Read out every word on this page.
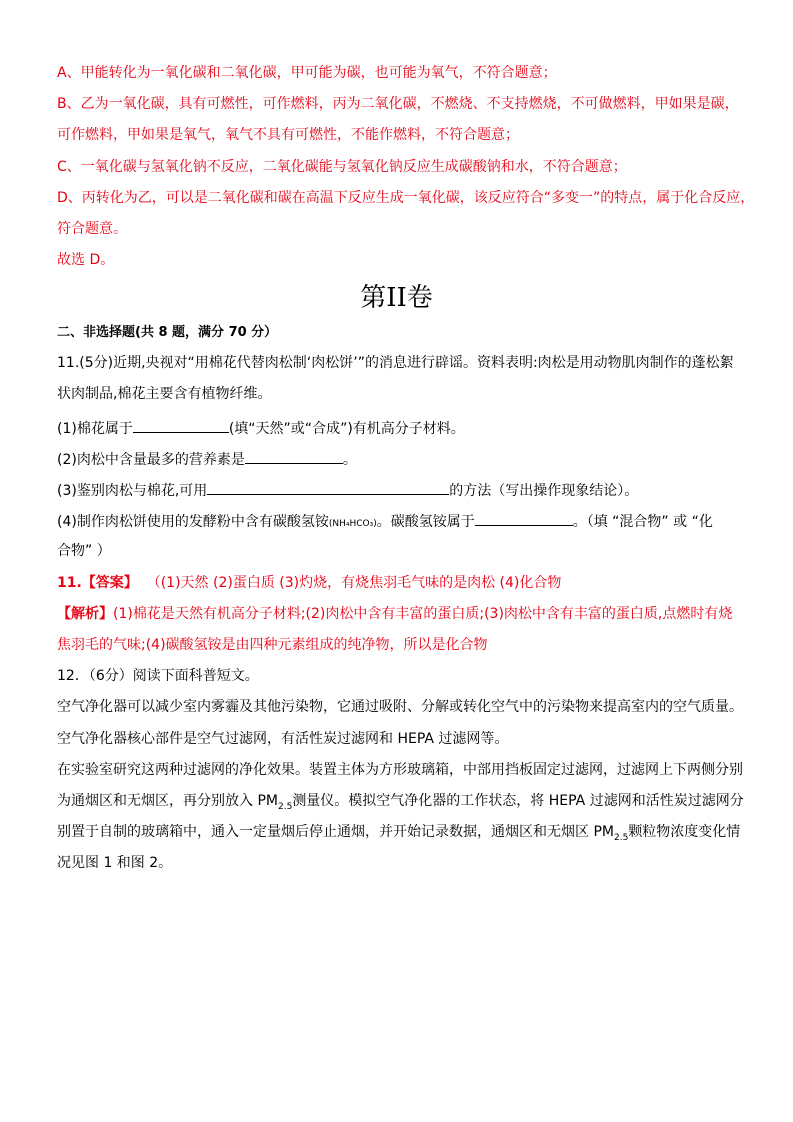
A、甲能转化为一氧化碳和二氧化碳，甲可能为碳，也可能为氧气，不符合题意；
B、乙为一氧化碳，具有可燃性，可作燃料，丙为二氧化碳，不燃烧、不支持燃烧，不可做燃料，甲如果是碳，
可作燃料，甲如果是氧气，氧气不具有可燃性，不能作燃料，不符合题意；
C、一氧化碳与氢氧化钠不反应，二氧化碳能与氢氧化钠反应生成碳酸钠和水，不符合题意；
D、丙转化为乙，可以是二氧化碳和碳在高温下反应生成一氧化碳，该反应符合“多变一”的特点，属于化合反应，
符合题意。
故选 D。
第II卷
二、非选择题(共 8 题，满分 70 分）
11.(5分)近期,央视对“用棉花代替肉松制‘肉松饼’”的消息进行辟谣。资料表明:肉松是用动物肌肉制作的蓬松絮
状肉制品,棉花主要含有植物纤维。
(1)棉花属于	(填“天然”或“合成”)有机高分子材料。
(2)肉松中含量最多的营养素是	。
(3)鉴别肉松与棉花,可用	的方法（写出操作现象结论）。
(4)制作肉松饼使用的发酵粉中含有碳酸氢铵(NH₄HCO₃)。碳酸氢铵属于	。（填 “混合物” 或 “化
合物” ）
11.【答案】 （(1)天然 (2)蛋白质 (3)灼烧，有烧焦羽毛气味的是肉松 (4)化合物
【解析】(1)棉花是天然有机高分子材料;(2)肉松中含有丰富的蛋白质;(3)肉松中含有丰富的蛋白质,点燃时有烧
焦羽毛的气味;(4)碳酸氢铵是由四种元素组成的纯净物，所以是化合物
12．（6分）阅读下面科普短文。
空气净化器可以减少室内雾霾及其他污染物，它通过吸附、分解或转化空气中的污染物来提高室内的空气质量。
空气净化器核心部件是空气过滤网，有活性炭过滤网和 HEPA 过滤网等。
在实验室研究这两种过滤网的净化效果。装置主体为方形玻璃箱，中部用挡板固定过滤网，过滤网上下两侧分别
为通烟区和无烟区，再分别放入 $PM_{2.5}$测量仪。模拟空气净化器的工作状态，将 HEPA 过滤网和活性炭过滤网分
别置于自制的玻璃箱中，通入一定量烟后停止通烟，并开始记录数据，通烟区和无烟区 $PM_{2.5}$颗粒物浓度变化情
况见图 1 和图 2。
